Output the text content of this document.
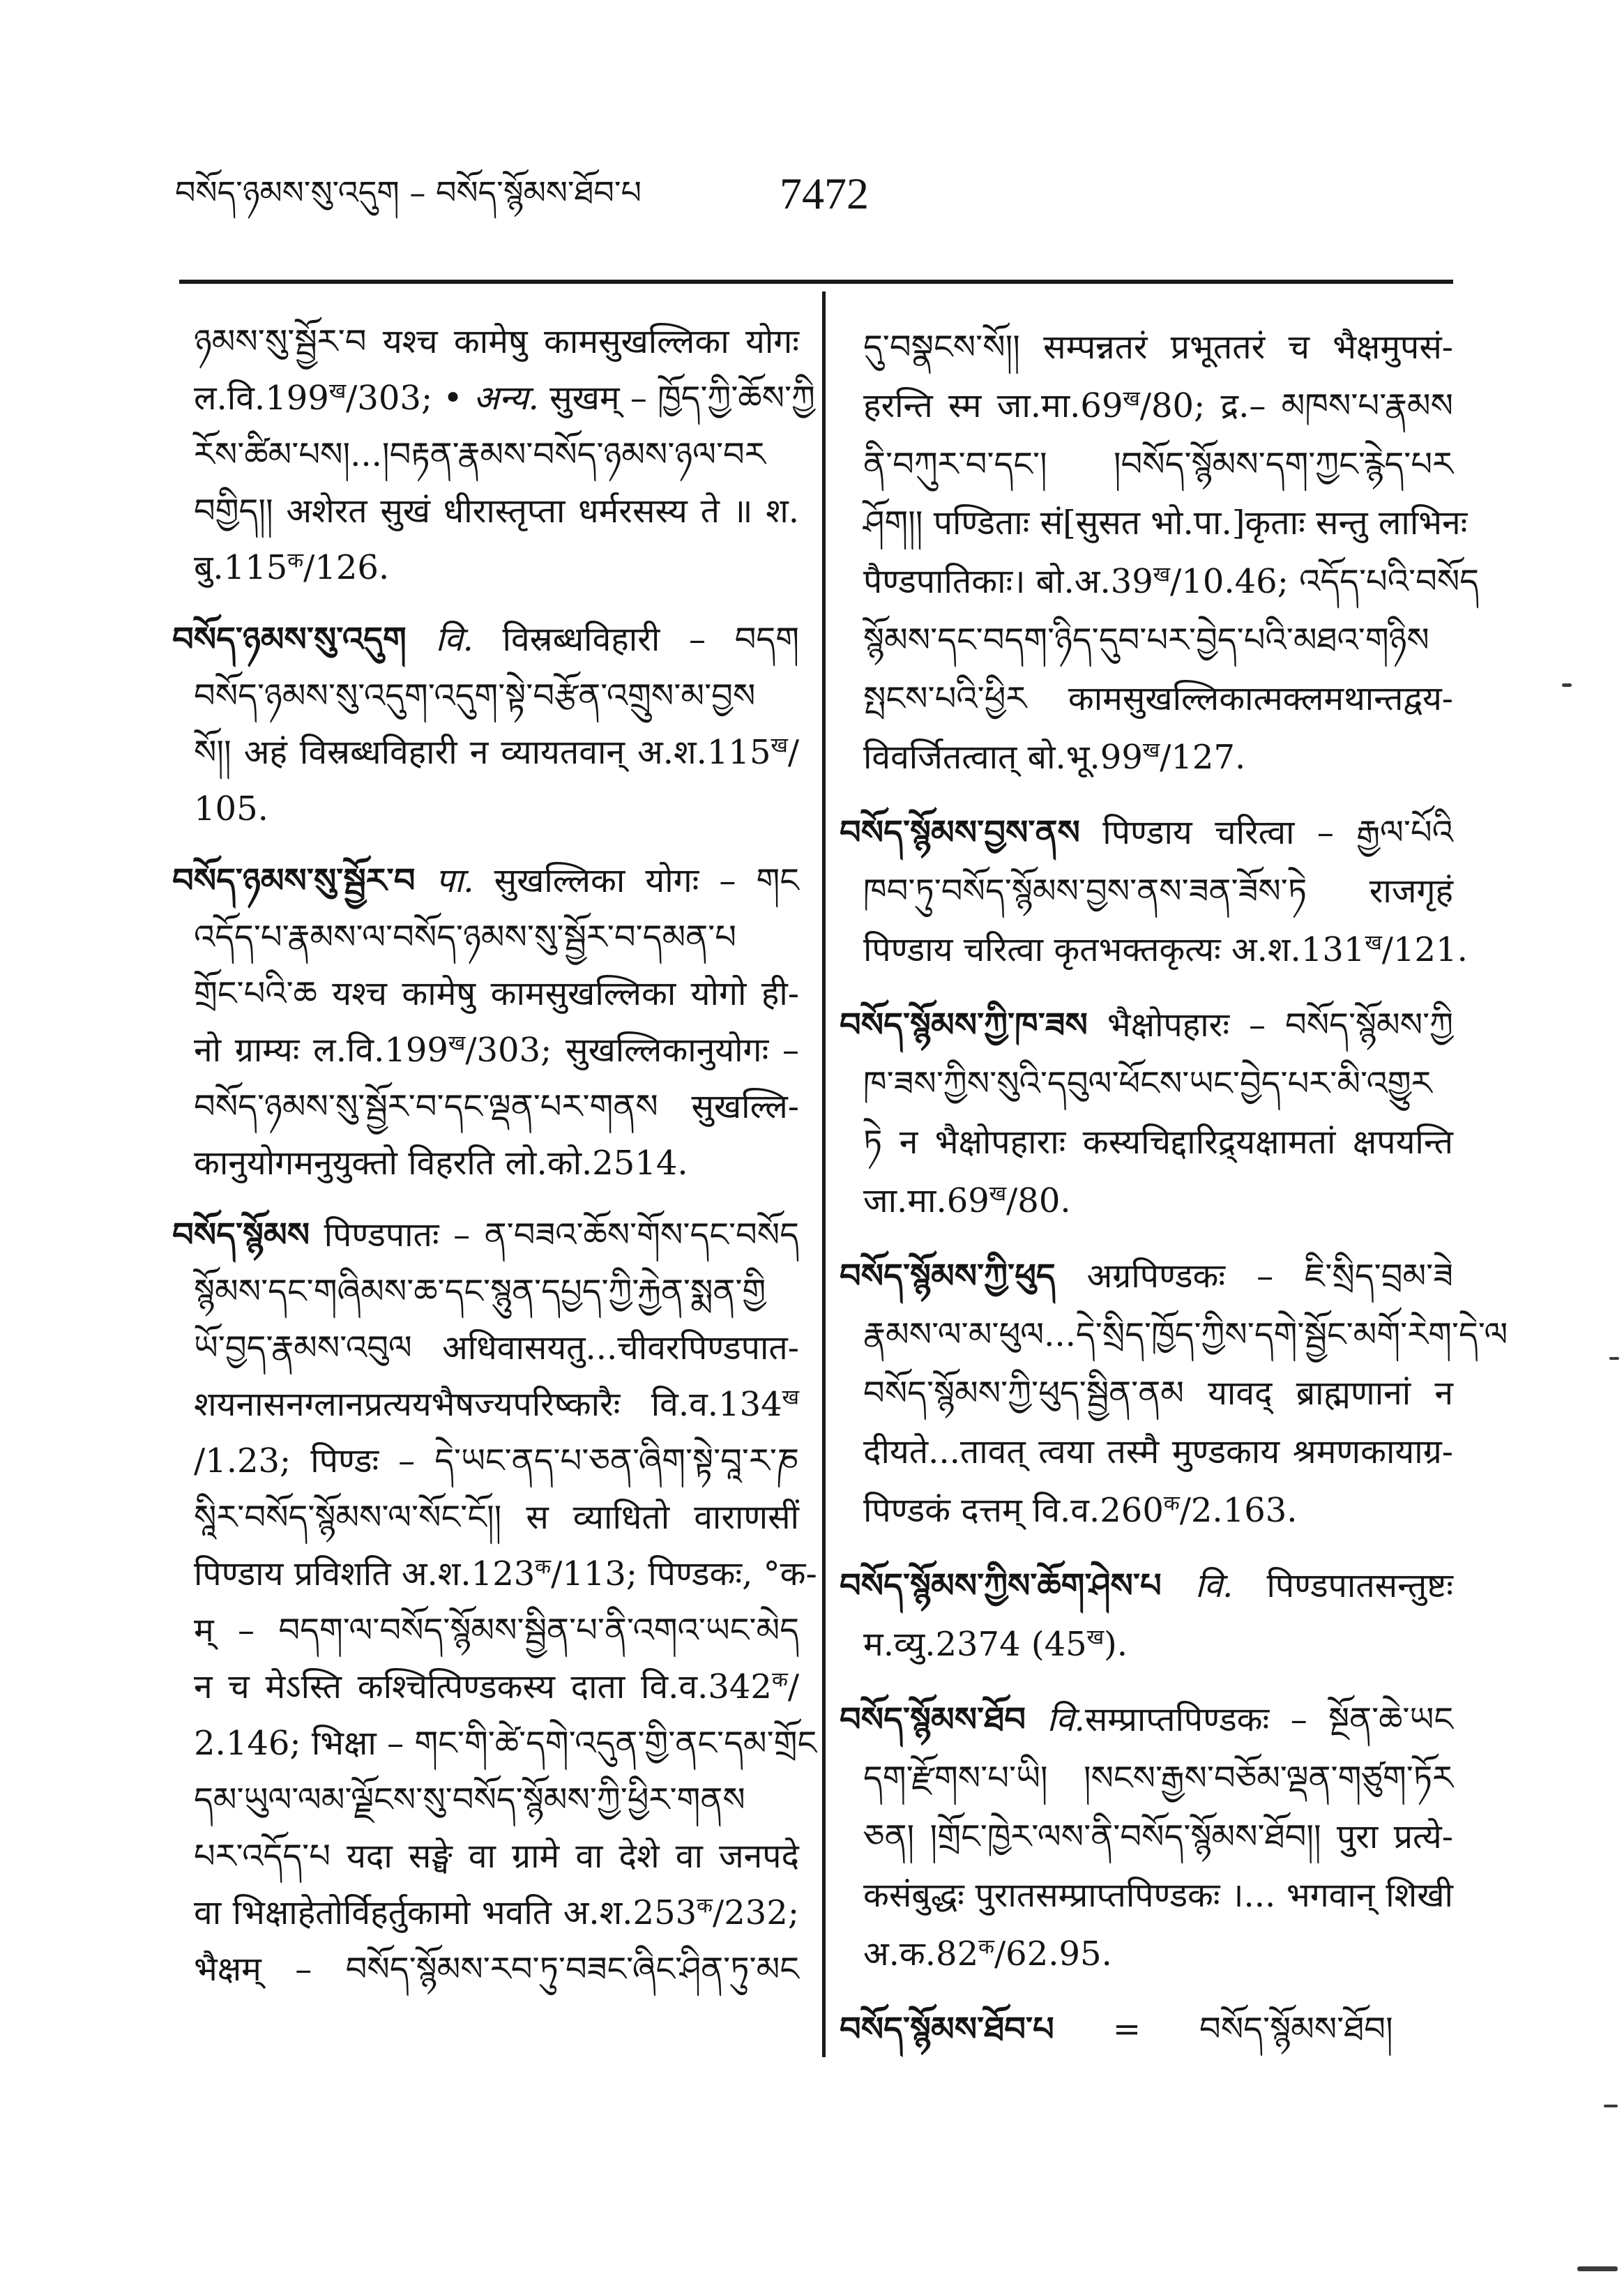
བསོད་ཉམས་སུ་འདུག – བསོད་སྙོམས་ཐོབ་པ	7472
ཉམས་སུ་སྦྱོར་བ यश्च कामेषु कामसुखल्लिका योगः
$ल.वि.199^ख/303$; • अन्य. सुखम् – ཁྱོད་ཀྱི་ཆོས་ཀྱི
རོས་ཚིམ་པས།...།བརྟན་རྣམས་བསོད་ཉམས་ཉལ་བར
བགྱིད།། अशेरत सुखं धीरास्तृप्ता धर्मरसस्य ते ॥ श.
$बु.115^क/126$.
བསོད་ཉམས་སུ་འདུག वि. विस्रब्धविहारी – བདག
བསོད་ཉམས་སུ་འདུག་འདུག་སྟེ་བརྩོན་འགྲུས་མ་བྱས
སོ།། अहं विस्रब्धविहारी न व्यायतवान् $अ.श.115^ख/$
105.
བསོད་ཉམས་སུ་སྦྱོར་བ पा. सुखल्लिका योगः – གང
འདོད་པ་རྣམས་ལ་བསོད་ཉམས་སུ་སྦྱོར་བ་དམན་པ
གྲོང་པའི་ཆ यश्च कामेषु कामसुखल्लिका योगो ही-
नो ग्राम्यः $ल.वि.199^ख/303$; सुखल्लिकानुयोगः –
བསོད་ཉམས་སུ་སྦྱོར་བ་དང་ལྡན་པར་གནས सुखल्लि-
कानुयोगमनुयुक्तो विहरति लो.को.2514.
བསོད་སྙོམས पिण्डपातः – ན་བཟའ་ཆོས་གོས་དང་བསོད
སྙོམས་དང་གཞིམས་ཆ་དང་སྙུན་དཔྱད་ཀྱི་རྐྱེན་སྨན་གྱི
ཡོ་བྱད་རྣམས་འབུལ अधिवासयतु...चीवरपिण्डपात-
शयनासनग्लानप्रत्ययभैषज्यपरिष्कारैः $वि.व.134^ख$
/1.23; पिण्डः – དེ་ཡང་ནད་པ་ཅན་ཞིག་སྟེ་བཱ་ར་ཎ
སཱིར་བསོད་སྙོམས་ལ་སོང་ངོ།། स व्याधितो वाराणसीं
पिण्डाय प्रविशति $अ.श.123^क/113$; पिण्डकः, °क-
म् – བདག་ལ་བསོད་སྙོམས་སྦྱིན་པ་ནི་འགའ་ཡང་མེད
न च मेऽस्ति कश्चित्पिण्डकस्य दाता $वि.व.342^क/$
2.146; भिक्षा – གང་གི་ཚེ་དགེ་འདུན་གྱི་ནང་དམ་གྲོང
དམ་ཡུལ་ལམ་ལྗོངས་སུ་བསོད་སྙོམས་ཀྱི་ཕྱིར་གནས
པར་འདོད་པ यदा सङ्घे वा ग्रामे वा देशे वा जनपदे
वा भिक्षाहेतोर्विहर्तुकामो भवति $अ.श.253^क/232$;
भैक्षम् – བསོད་སྙོམས་རབ་ཏུ་བཟང་ཞིང་ཤིན་ཏུ་མང
དུ་བསྣངས་སོ།། सम्पन्नतरं प्रभूततरं च भैक्षमुपसं-
हरन्ति स्म $जा.मा.69^ख/80$; द्र.– མཁས་པ་རྣམས
ནི་བཀུར་བ་དང་། །བསོད་སྙོམས་དག་ཀྱང་རྙེད་པར
ཤོག།། पण्डिताः सं[सुसत भो.पा.]कृताः सन्तु लाभिनः
पैण्डपातिकाः। $बो.अ.39^ख/10.46$; འདོད་པའི་བསོད
སྙོམས་དང་བདག་ཉིད་དུབ་པར་བྱེད་པའི་མཐའ་གཉིས
སྤངས་པའི་ཕྱིར कामसुखल्लिकात्मक्लमथान्तद्वय-
विवर्जितत्वात् $बो.भू.99^ख/127$.
བསོད་སྙོམས་བྱས་ནས पिण्डाय चरित्वा – རྒྱལ་པོའི
ཁབ་ཏུ་བསོད་སྙོམས་བྱས་ནས་ཟན་ཟོས་ཏེ राजगृहं
पिण्डाय चरित्वा कृतभक्तकृत्यः $अ.श.131^ख/121$.
བསོད་སྙོམས་ཀྱི་ཁ་ཟས भैक्षोपहारः – བསོད་སྙོམས་ཀྱི
ཁ་ཟས་ཀྱིས་སུའི་དབུལ་ཕོངས་ཡང་བྱེད་པར་མི་འགྱུར
ཏེ न भैक्षोपहाराः कस्यचिद्दारिद्र्यक्षामतां क्षपयन्ति
$जा.मा.69^ख/80$.
བསོད་སྙོམས་ཀྱི་ཕུད अग्रपिण्डकः – ཇི་སྲིད་བྲམ་ཟེ
རྣམས་ལ་མ་ཕུལ...དེ་སྲིད་ཁྱོད་ཀྱིས་དགེ་སྦྱོང་མགོ་རེག་དེ་ལ
བསོད་སྙོམས་ཀྱི་ཕུད་སྦྱིན་ནམ यावद् ब्राह्मणानां न
दीयते...तावत् त्वया तस्मै मुण्डकाय श्रमणकायाग्र-
पिण्डकं दत्तम् $वि.व.260^क/2.163$.
བསོད་སྙོམས་ཀྱིས་ཆོག་ཤེས་པ वि. पिण्डपातसन्तुष्टः
म.व्यु.2374 $(45^ख)$.
བསོད་སྙོམས་ཐོབ वि.सम्प्राप्तपिण्डकः – སྔོན་ཆེ་ཡང
དག་རྫོགས་པ་ཡི། །སངས་རྒྱས་བཅོམ་ལྡན་གཙུག་ཏོར
ཅན། །གྲོང་ཁྱེར་ལས་ནི་བསོད་སྙོམས་ཐོབ།། पुरा प्रत्ये-
कसंबुद्धः पुरातसम्प्राप्तपिण्डकः ।... भगवान् शिखी
$अ.क.82^क/62.95$.
བསོད་སྙོམས་ཐོབ་པ = བསོད་སྙོམས་ཐོབ།
